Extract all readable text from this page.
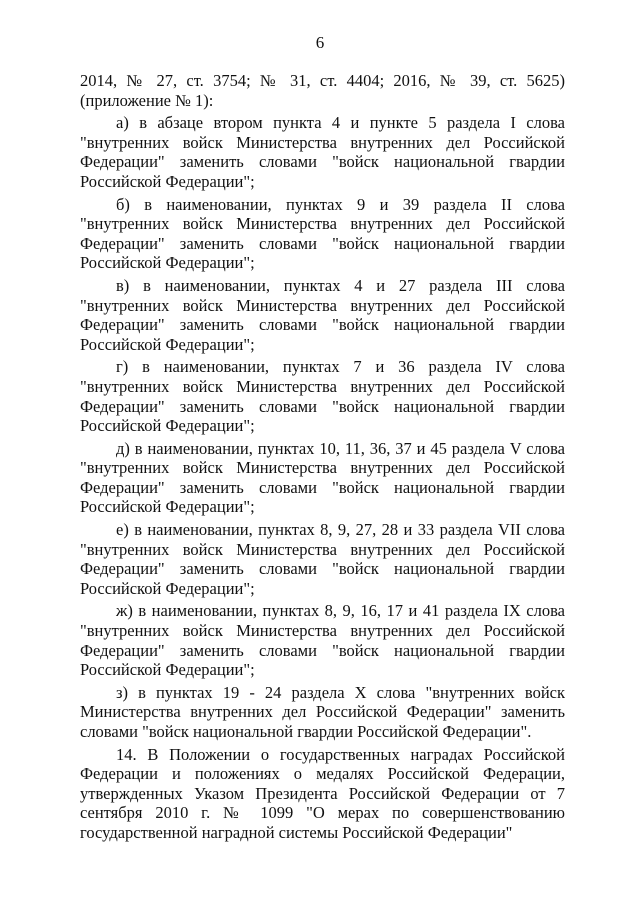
6

2014, № 27, ст. 3754; № 31, ст. 4404; 2016, № 39, ст. 5625) (приложение № 1):

а) в абзаце втором пункта 4 и пункте 5 раздела I слова "внутренних войск Министерства внутренних дел Российской Федерации" заменить словами "войск национальной гвардии Российской Федерации";

б) в наименовании, пунктах 9 и 39 раздела II слова "внутренних войск Министерства внутренних дел Российской Федерации" заменить словами "войск национальной гвардии Российской Федерации";

в) в наименовании, пунктах 4 и 27 раздела III слова "внутренних войск Министерства внутренних дел Российской Федерации" заменить словами "войск национальной гвардии Российской Федерации";

г) в наименовании, пунктах 7 и 36 раздела IV слова "внутренних войск Министерства внутренних дел Российской Федерации" заменить словами "войск национальной гвардии Российской Федерации";

д) в наименовании, пунктах 10, 11, 36, 37 и 45 раздела V слова "внутренних войск Министерства внутренних дел Российской Федерации" заменить словами "войск национальной гвардии Российской Федерации";

е) в наименовании, пунктах 8, 9, 27, 28 и 33 раздела VII слова "внутренних войск Министерства внутренних дел Российской Федерации" заменить словами "войск национальной гвардии Российской Федерации";

ж) в наименовании, пунктах 8, 9, 16, 17 и 41 раздела IX слова "внутренних войск Министерства внутренних дел Российской Федерации" заменить словами "войск национальной гвардии Российской Федерации";

з) в пунктах 19 - 24 раздела X слова "внутренних войск Министерства внутренних дел Российской Федерации" заменить словами "войск национальной гвардии Российской Федерации".

14. В Положении о государственных наградах Российской Федерации и положениях о медалях Российской Федерации, утвержденных Указом Президента Российской Федерации от 7 сентября 2010 г. № 1099 "О мерах по совершенствованию государственной наградной системы Российской Федерации"
